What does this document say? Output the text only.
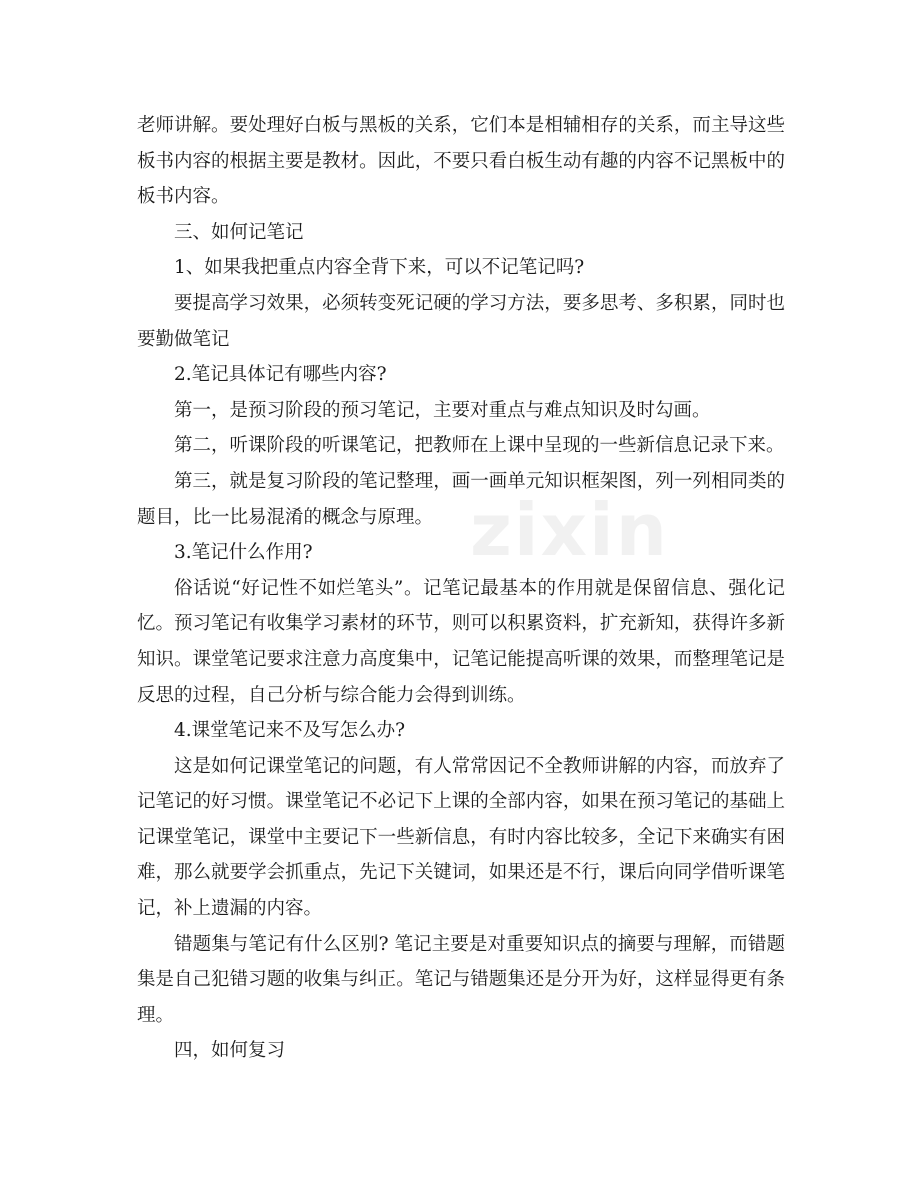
zixin

老师讲解。要处理好白板与黑板的关系，它们本是相辅相存的关系，而主导这些板书内容的根据主要是教材。因此，不要只看白板生动有趣的内容不记黑板中的板书内容。

三、如何记笔记

1、如果我把重点内容全背下来，可以不记笔记吗?

要提高学习效果，必须转变死记硬的学习方法，要多思考、多积累，同时也要勤做笔记

2.笔记具体记有哪些内容?

第一，是预习阶段的预习笔记，主要对重点与难点知识及时勾画。

第二，听课阶段的听课笔记，把教师在上课中呈现的一些新信息记录下来。

第三，就是复习阶段的笔记整理，画一画单元知识框架图，列一列相同类的题目，比一比易混淆的概念与原理。

3.笔记什么作用?

俗话说“好记性不如烂笔头”。记笔记最基本的作用就是保留信息、强化记忆。预习笔记有收集学习素材的环节，则可以积累资料，扩充新知，获得许多新知识。课堂笔记要求注意力高度集中，记笔记能提高听课的效果，而整理笔记是反思的过程，自己分析与综合能力会得到训练。

4.课堂笔记来不及写怎么办?

这是如何记课堂笔记的问题，有人常常因记不全教师讲解的内容，而放弃了记笔记的好习惯。课堂笔记不必记下上课的全部内容，如果在预习笔记的基础上记课堂笔记，课堂中主要记下一些新信息，有时内容比较多，全记下来确实有困难，那么就要学会抓重点，先记下关键词，如果还是不行，课后向同学借听课笔记，补上遗漏的内容。

错题集与笔记有什么区别? 笔记主要是对重要知识点的摘要与理解，而错题集是自己犯错习题的收集与纠正。笔记与错题集还是分开为好，这样显得更有条理。

四，如何复习
